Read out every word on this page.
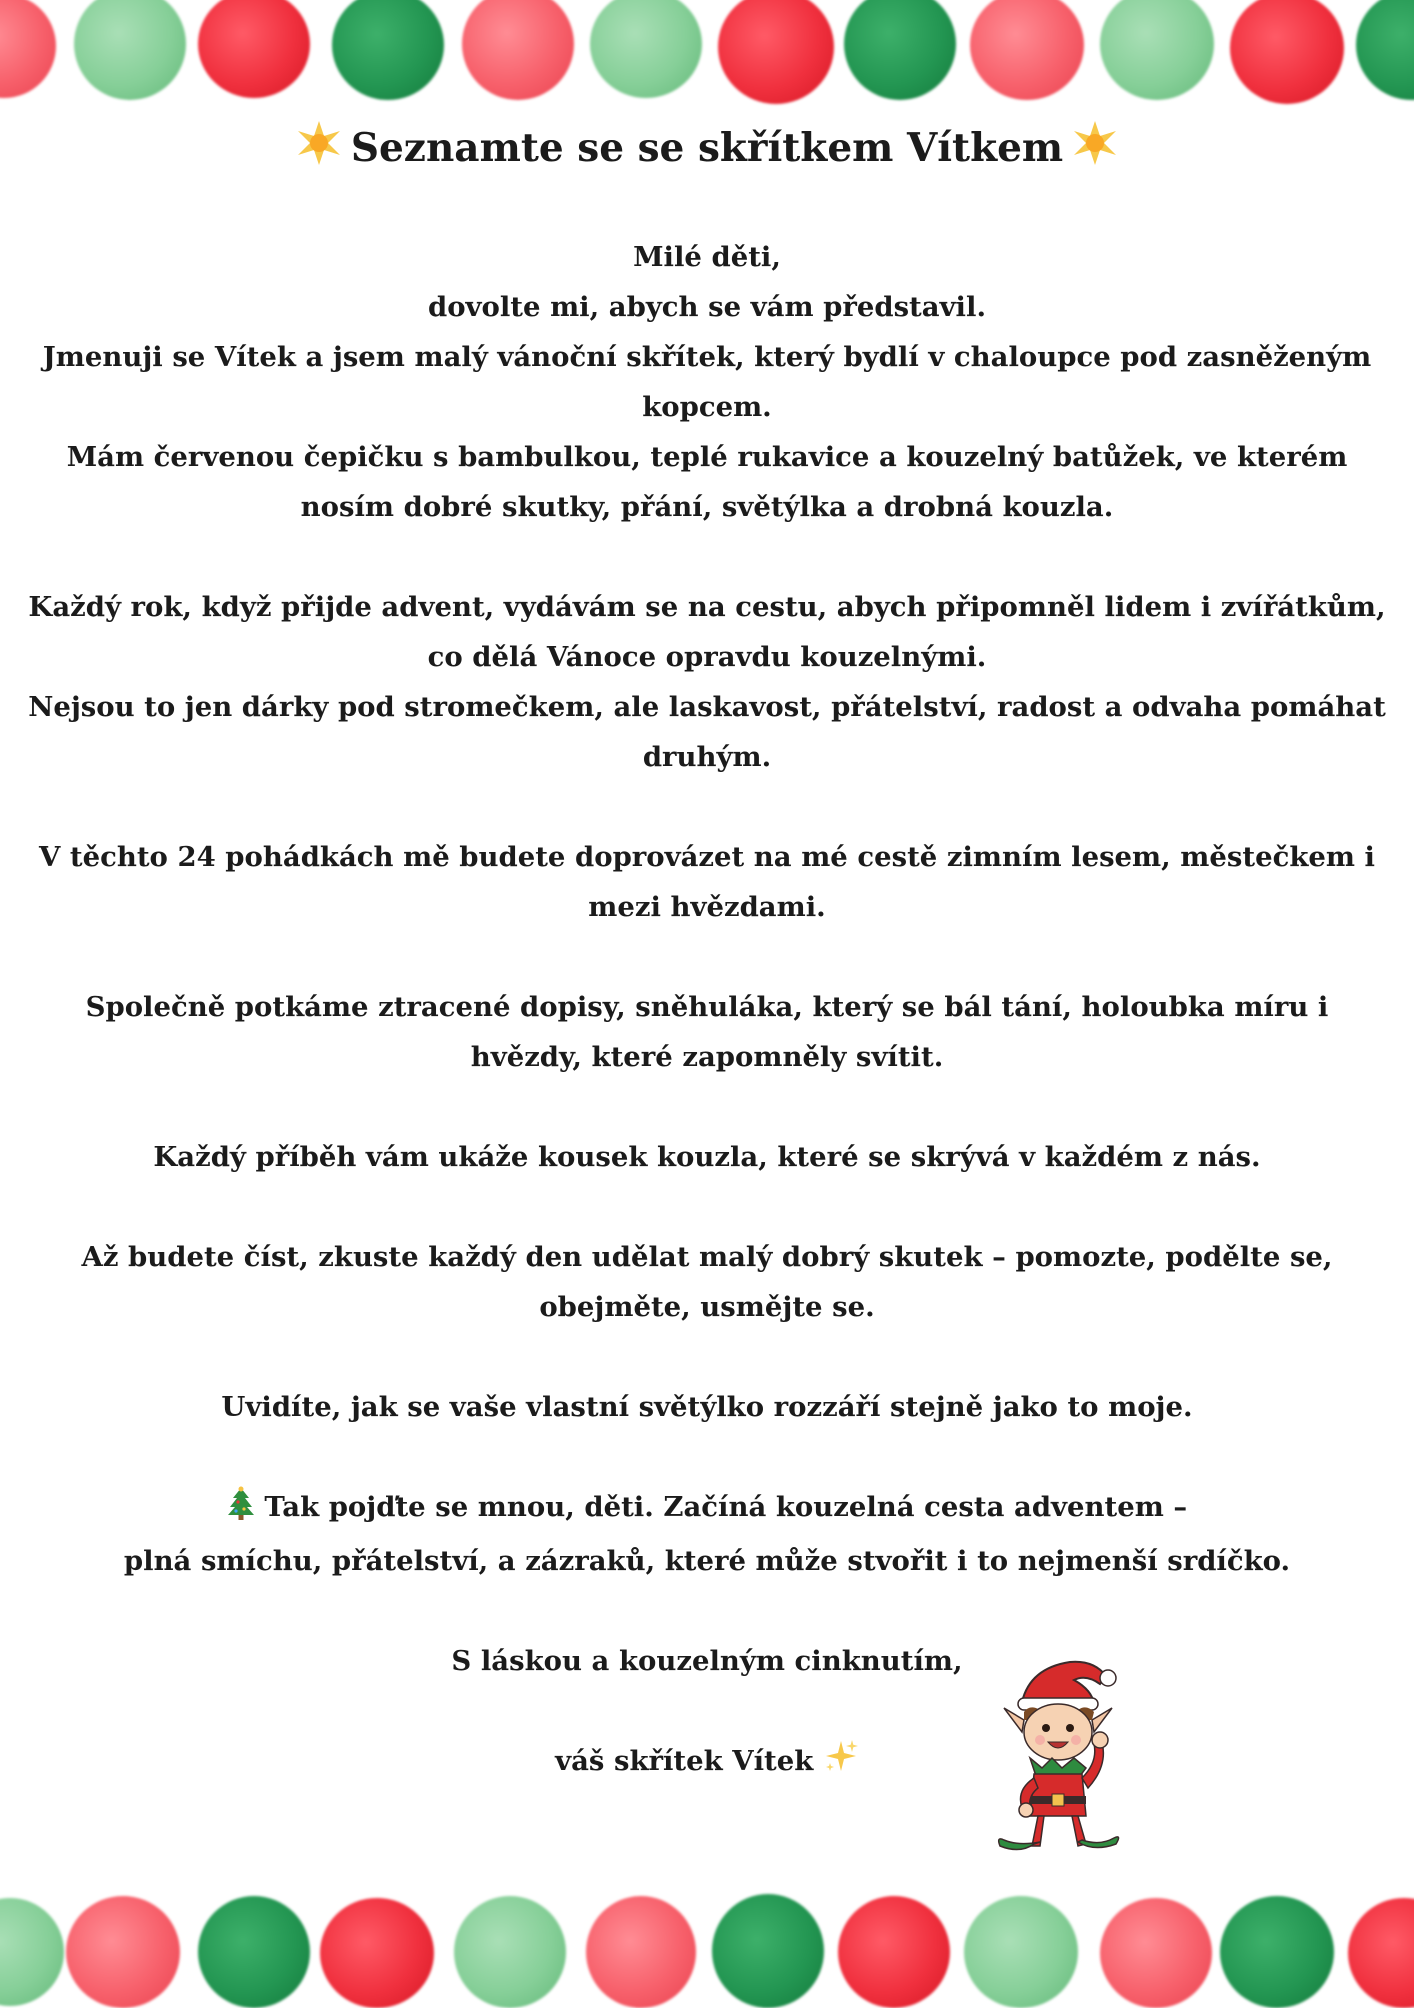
Seznamte se se skřítkem Vítkem

Milé děti,
dovolte mi, abych se vám představil.
Jmenuji se Vítek a jsem malý vánoční skřítek, který bydlí v chaloupce pod zasněženým kopcem.
Mám červenou čepičku s bambulkou, teplé rukavice a kouzelný batůžek, ve kterém nosím dobré skutky, přání, světýlka a drobná kouzla.

Každý rok, když přijde advent, vydávám se na cestu, abych připomněl lidem i zvířátkům, co dělá Vánoce opravdu kouzelnými.
Nejsou to jen dárky pod stromečkem, ale laskavost, přátelství, radost a odvaha pomáhat druhým.

V těchto 24 pohádkách mě budete doprovázet na mé cestě zimním lesem, městečkem i mezi hvězdami.

Společně potkáme ztracené dopisy, sněhuláka, který se bál tání, holoubka míru i hvězdy, které zapomněly svítit.

Každý příběh vám ukáže kousek kouzla, které se skrývá v každém z nás.

Až budete číst, zkuste každý den udělat malý dobrý skutek – pomozte, podělte se, obejměte, usmějte se.

Uvidíte, jak se vaše vlastní světýlko rozzáří stejně jako to moje.

Tak pojďte se mnou, děti. Začíná kouzelná cesta adventem –
plná smíchu, přátelství, a zázraků, které může stvořit i to nejmenší srdíčko.

S láskou a kouzelným cinknutím,

váš skřítek Vítek
